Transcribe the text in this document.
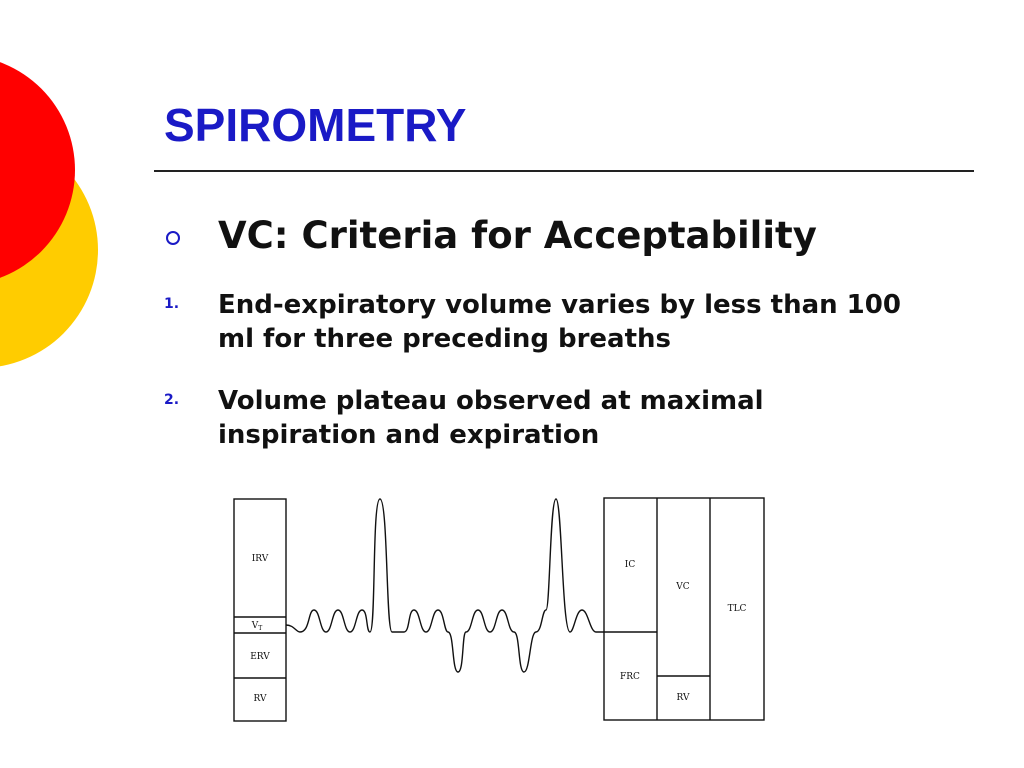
SPIROMETRY
VC: Criteria for Acceptability
1. End-expiratory volume varies by less than 100 ml for three preceding breaths
2. Volume plateau observed at maximal inspiration and expiration
IRV
$V_T$
ERV
RV
IC
FRC
VC
RV
TLC
